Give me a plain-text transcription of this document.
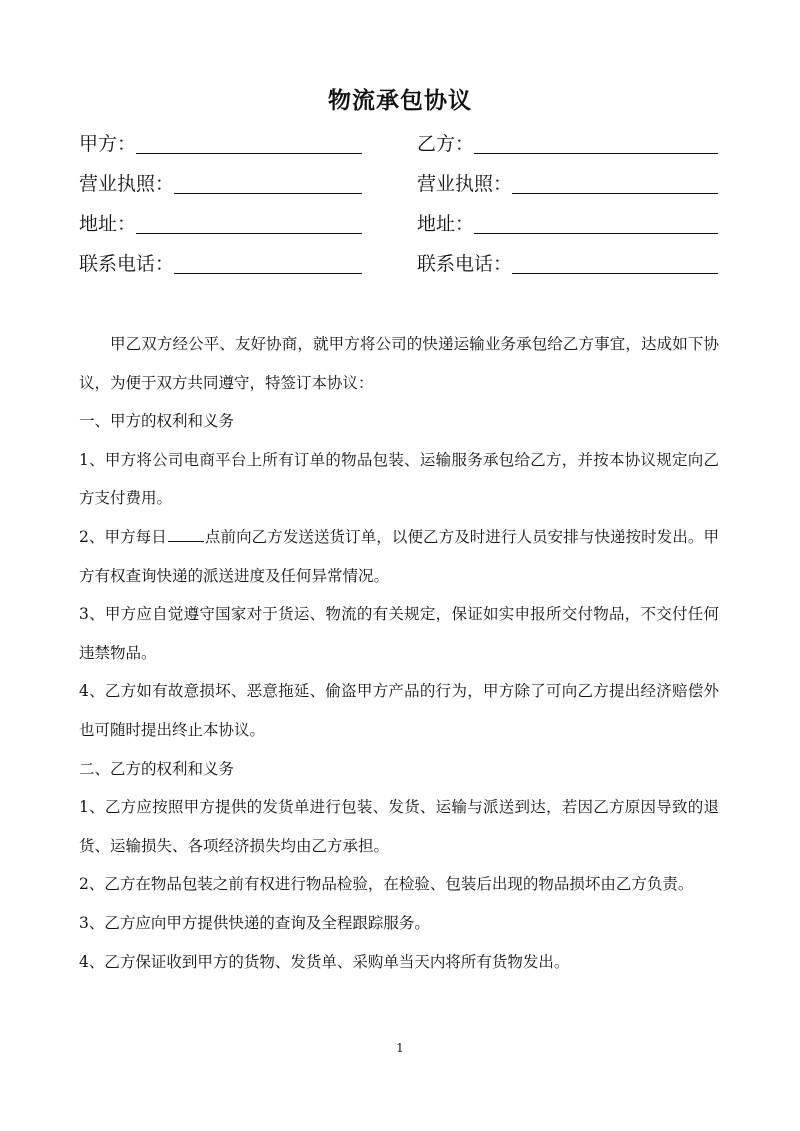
物流承包协议
甲方：	乙方：
营业执照：	营业执照：
地址：	地址：
联系电话：	联系电话：

甲乙双方经公平、友好协商，就甲方将公司的快递运输业务承包给乙方事宜，达成如下协议，为便于双方共同遵守，特签订本协议：

一、甲方的权利和义务

1、甲方将公司电商平台上所有订单的物品包装、运输服务承包给乙方，并按本协议规定向乙方支付费用。

2、甲方每日 点前向乙方发送送货订单，以便乙方及时进行人员安排与快递按时发出。甲方有权查询快递的派送进度及任何异常情况。

3、甲方应自觉遵守国家对于货运、物流的有关规定，保证如实申报所交付物品，不交付任何违禁物品。

4、乙方如有故意损坏、恶意拖延、偷盗甲方产品的行为，甲方除了可向乙方提出经济赔偿外也可随时提出终止本协议。

二、乙方的权利和义务

1、乙方应按照甲方提供的发货单进行包装、发货、运输与派送到达，若因乙方原因导致的退货、运输损失、各项经济损失均由乙方承担。

2、乙方在物品包装之前有权进行物品检验，在检验、包装后出现的物品损坏由乙方负责。

3、乙方应向甲方提供快递的查询及全程跟踪服务。

4、乙方保证收到甲方的货物、发货单、采购单当天内将所有货物发出。

1
